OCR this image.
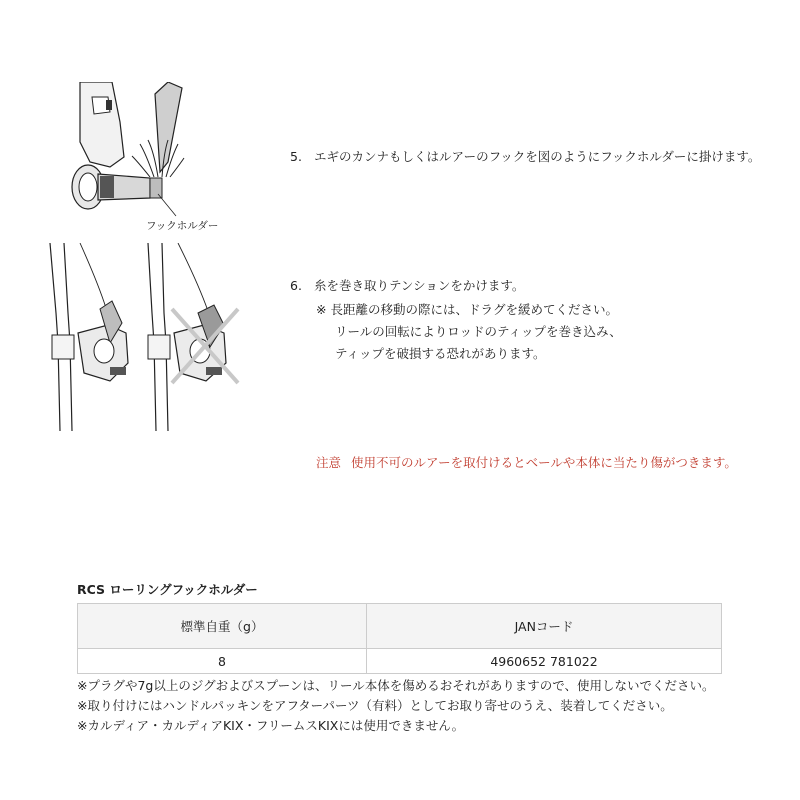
フックホルダー
5. エギのカンナもしくはルアーのフックを図のようにフックホルダーに掛けます。
6. 糸を巻き取りテンションをかけます。
※ 長距離の移動の際には、ドラグを緩めてください。
リールの回転によりロッドのティップを巻き込み、
ティップを破損する恐れがあります。
注意 使用不可のルアーを取付けるとベールや本体に当たり傷がつきます。
RCS ローリングフックホルダー
標準自重（g）	JANコード
8	4960652 781022
※プラグや7g以上のジグおよびスプーンは、リール本体を傷めるおそれがありますので、使用しないでください。
※取り付けにはハンドルパッキンをアフターパーツ（有料）としてお取り寄せのうえ、装着してください。
※カルディア・カルディアKIX・フリームスKIXには使用できません。
